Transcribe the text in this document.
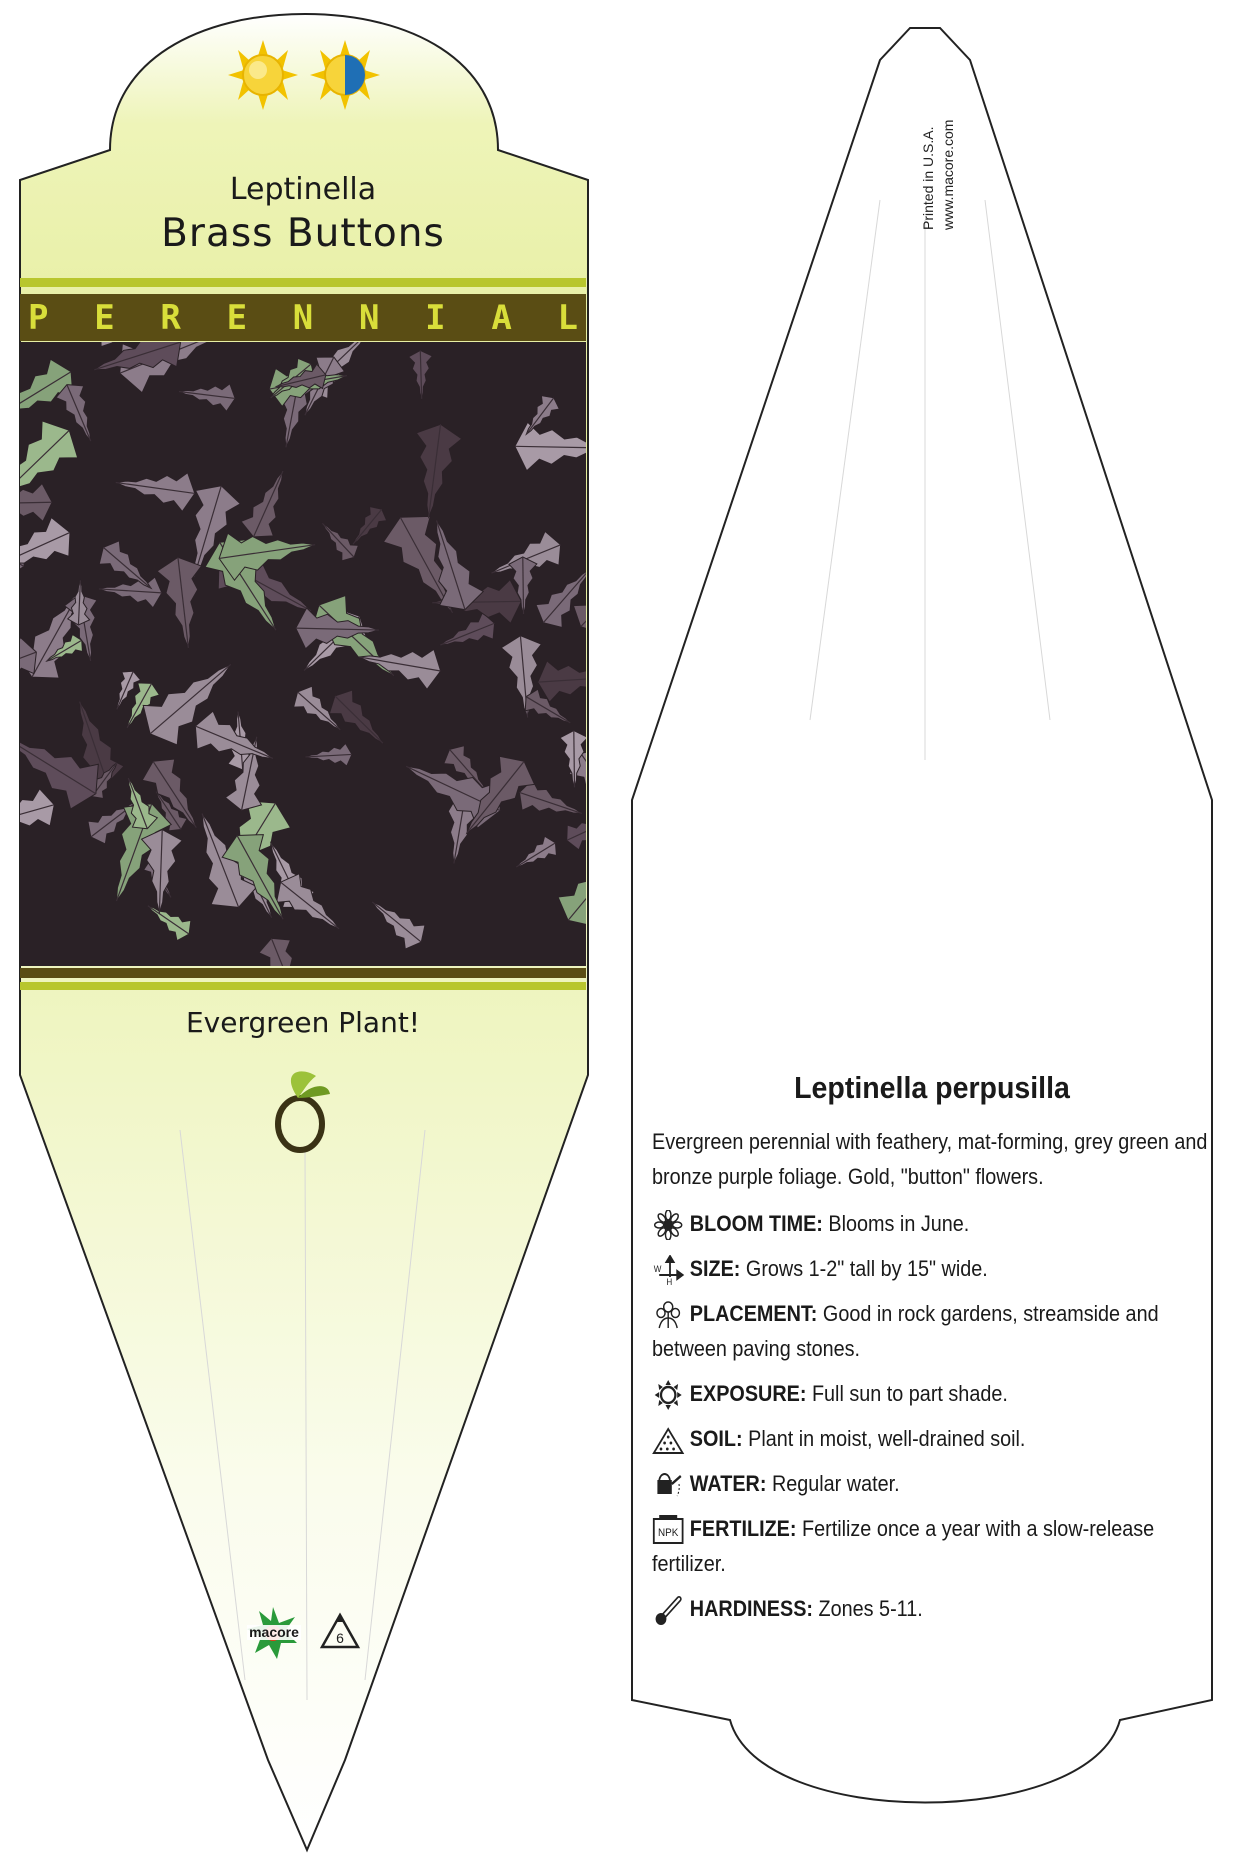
Leptinella
Brass Buttons
P E R E N N I A L
Evergreen Plant!
macore	6
Printed in U.S.A. www.macore.com
Leptinella perpusilla
Evergreen perennial with feathery, mat-forming, grey green and bronze purple foliage. Gold, "button" flowers.
BLOOM TIME: Blooms in June.
W
H
SIZE: Grows 1-2" tall by 15" wide.
PLACEMENT: Good in rock gardens, streamside and between paving stones.
EXPOSURE: Full sun to part shade.
SOIL: Plant in moist, well-drained soil.
WATER: Regular water.
NPK FERTILIZE: Fertilize once a year with a slow-release fertilizer.
HARDINESS: Zones 5-11.
